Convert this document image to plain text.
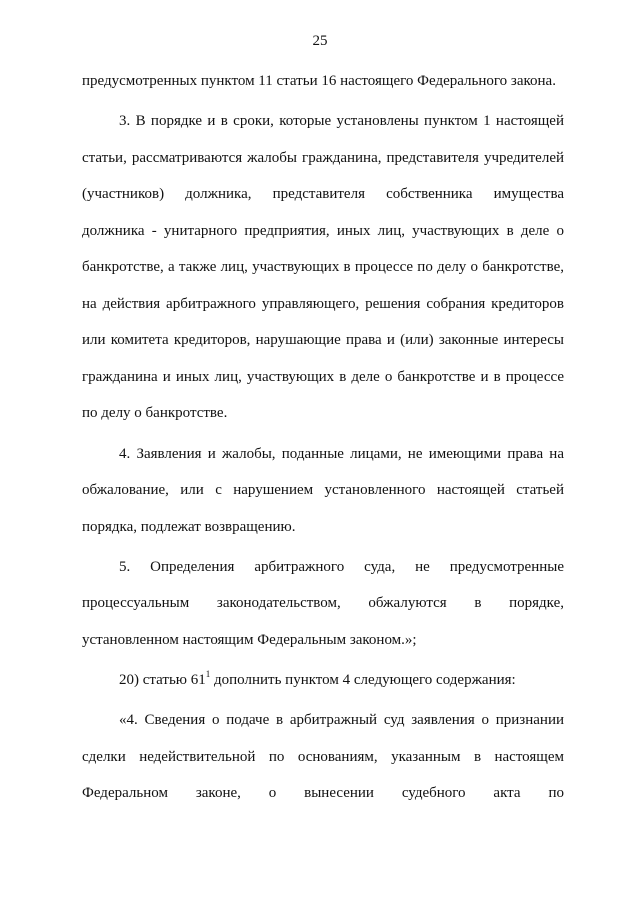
25
предусмотренных пунктом 11 статьи 16 настоящего Федерального закона.
3. В порядке и в сроки, которые установлены пунктом 1 настоящей
статьи, рассматриваются жалобы гражданина, представителя учредителей
(участников) должника, представителя собственника имущества
должника - унитарного предприятия, иных лиц, участвующих в деле о
банкротстве, а также лиц, участвующих в процессе по делу о банкротстве,
на действия арбитражного управляющего, решения собрания кредиторов
или комитета кредиторов, нарушающие права и (или) законные интересы
гражданина и иных лиц, участвующих в деле о банкротстве и в процессе
по делу о банкротстве.
4. Заявления и жалобы, поданные лицами, не имеющими права на
обжалование, или с нарушением установленного настоящей статьей
порядка, подлежат возвращению.
5. Определения арбитражного суда, не предусмотренные
процессуальным законодательством, обжалуются в порядке,
установленном настоящим Федеральным законом.»;
20) статью $61^1$ дополнить пунктом 4 следующего содержания:
«4. Сведения о подаче в арбитражный суд заявления о признании
сделки недействительной по основаниям, указанным в настоящем
Федеральном законе, о вынесении судебного акта по
